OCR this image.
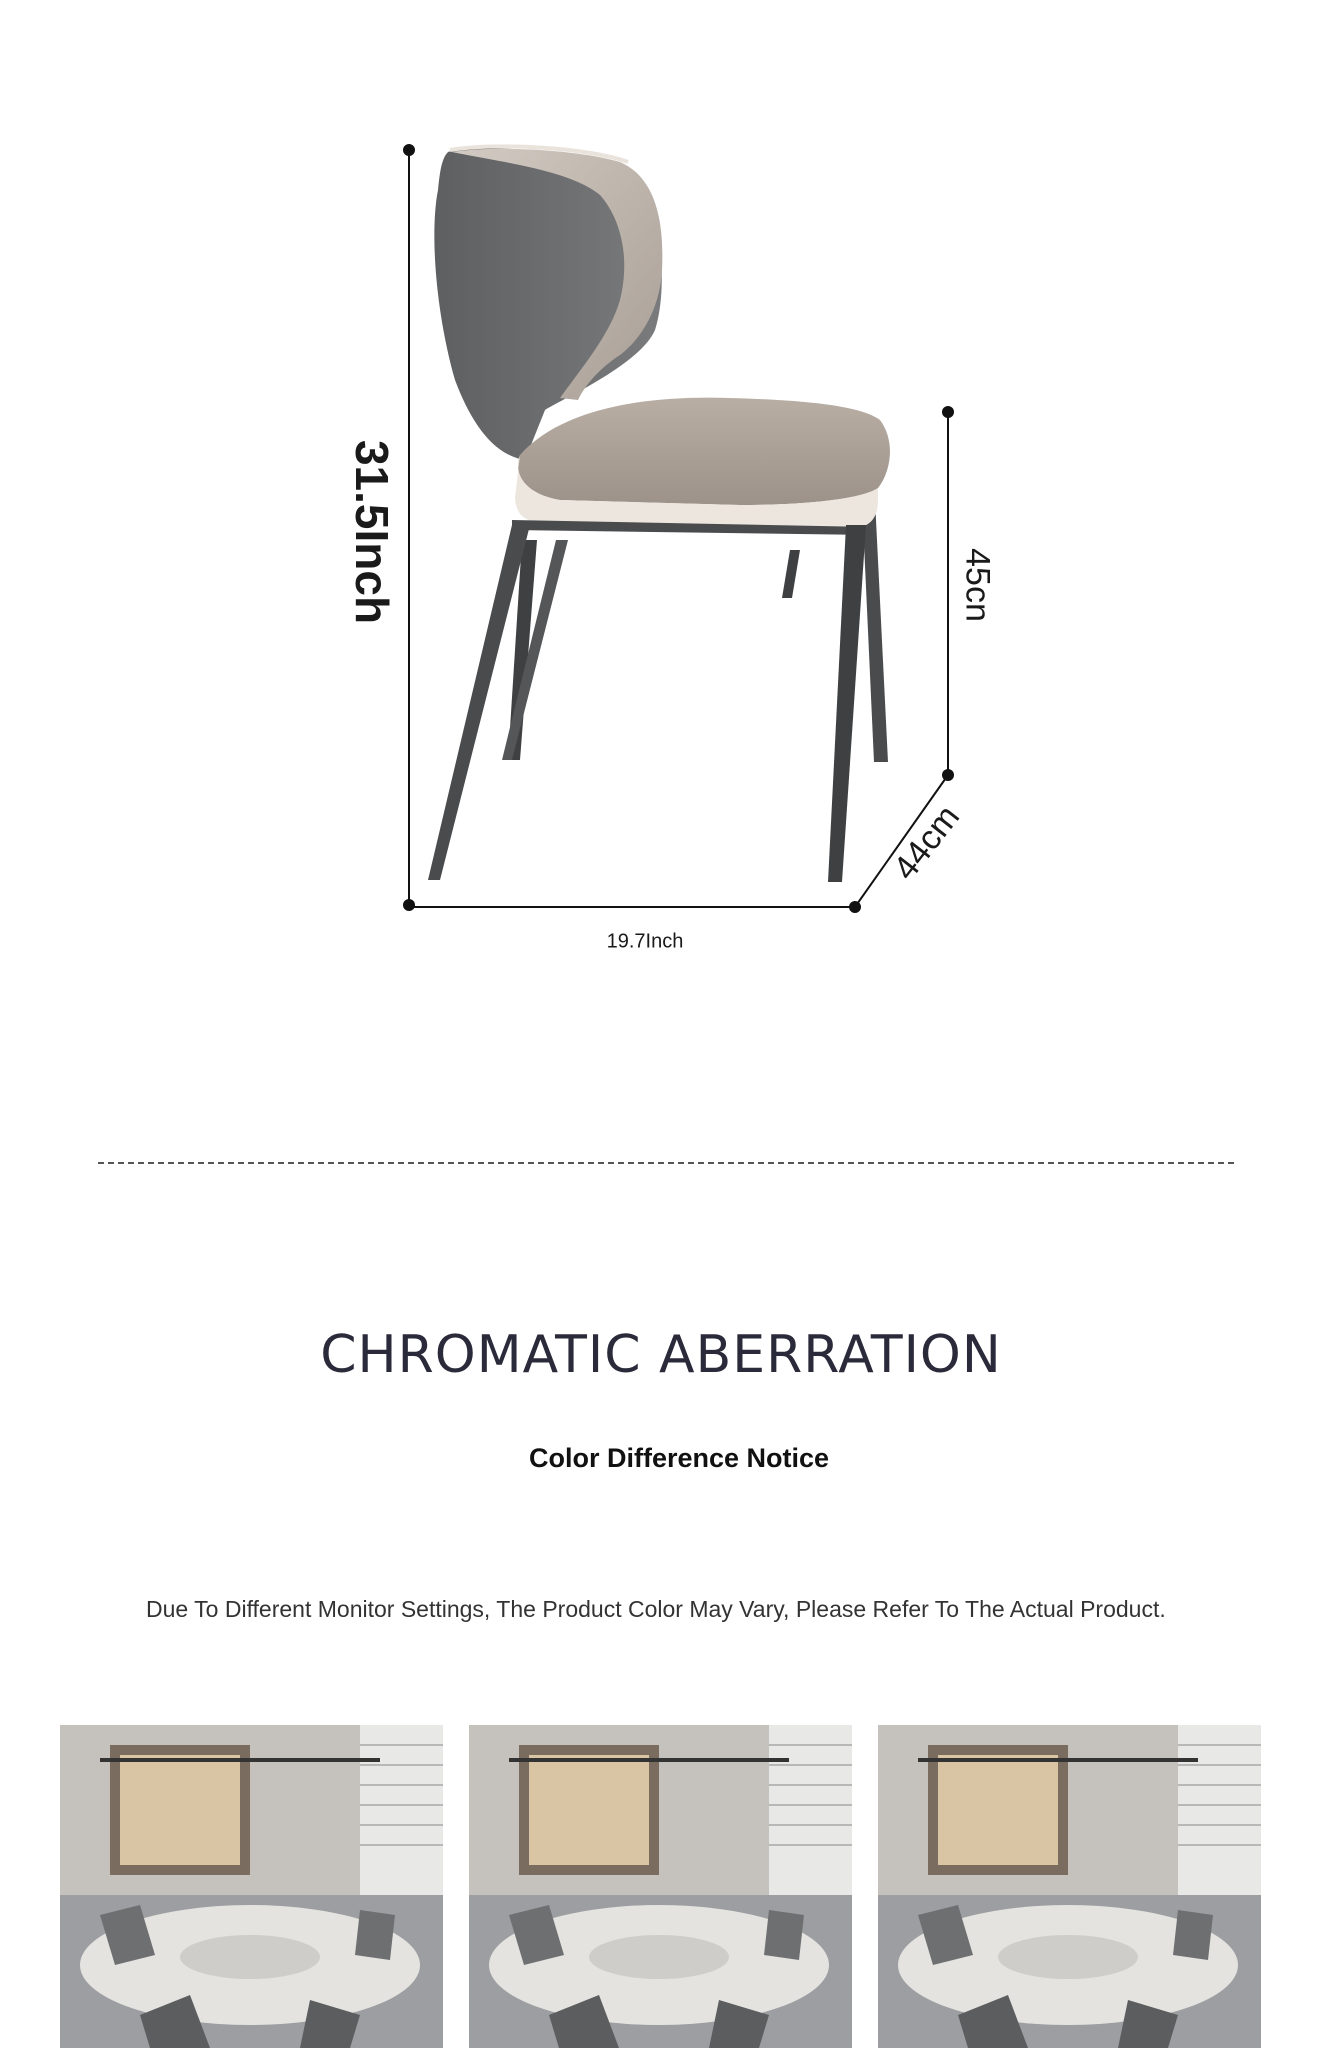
31.5Inch	45cn
44cm
19.7Inch
CHROMATIC ABERRATION
Color Difference Notice
Due To Different Monitor Settings, The Product Color May Vary, Please Refer To The Actual Product.
